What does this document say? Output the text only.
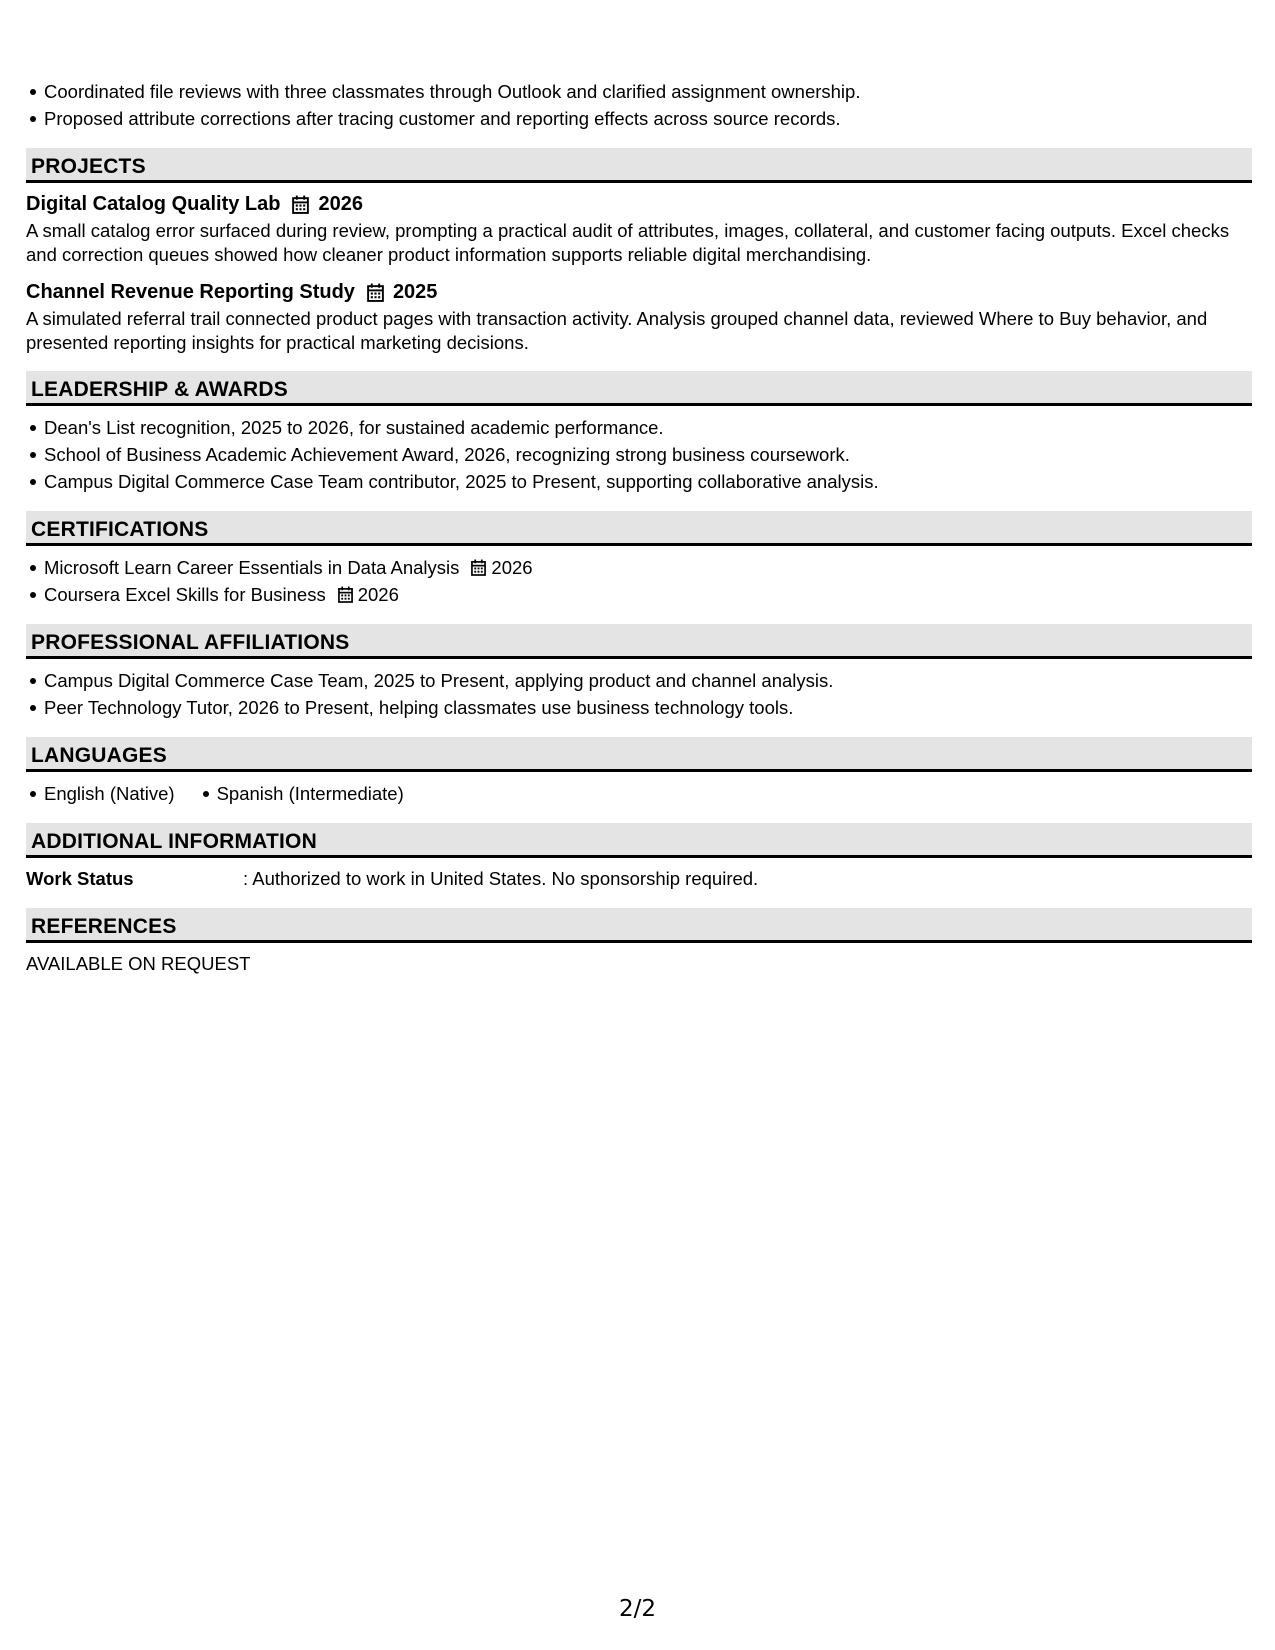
Coordinated file reviews with three classmates through Outlook and clarified assignment ownership.
Proposed attribute corrections after tracing customer and reporting effects across source records.
PROJECTS
Digital Catalog Quality Lab 2026
A small catalog error surfaced during review, prompting a practical audit of attributes, images, collateral, and customer facing outputs. Excel checks and correction queues showed how cleaner product information supports reliable digital merchandising.
Channel Revenue Reporting Study 2025
A simulated referral trail connected product pages with transaction activity. Analysis grouped channel data, reviewed Where to Buy behavior, and presented reporting insights for practical marketing decisions.
LEADERSHIP & AWARDS
Dean's List recognition, 2025 to 2026, for sustained academic performance.
School of Business Academic Achievement Award, 2026, recognizing strong business coursework.
Campus Digital Commerce Case Team contributor, 2025 to Present, supporting collaborative analysis.
CERTIFICATIONS
Microsoft Learn Career Essentials in Data Analysis 2026
Coursera Excel Skills for Business 2026
PROFESSIONAL AFFILIATIONS
Campus Digital Commerce Case Team, 2025 to Present, applying product and channel analysis.
Peer Technology Tutor, 2026 to Present, helping classmates use business technology tools.
LANGUAGES
English (Native) Spanish (Intermediate)
ADDITIONAL INFORMATION
Work Status	: Authorized to work in United States. No sponsorship required.
REFERENCES
AVAILABLE ON REQUEST
2/2
